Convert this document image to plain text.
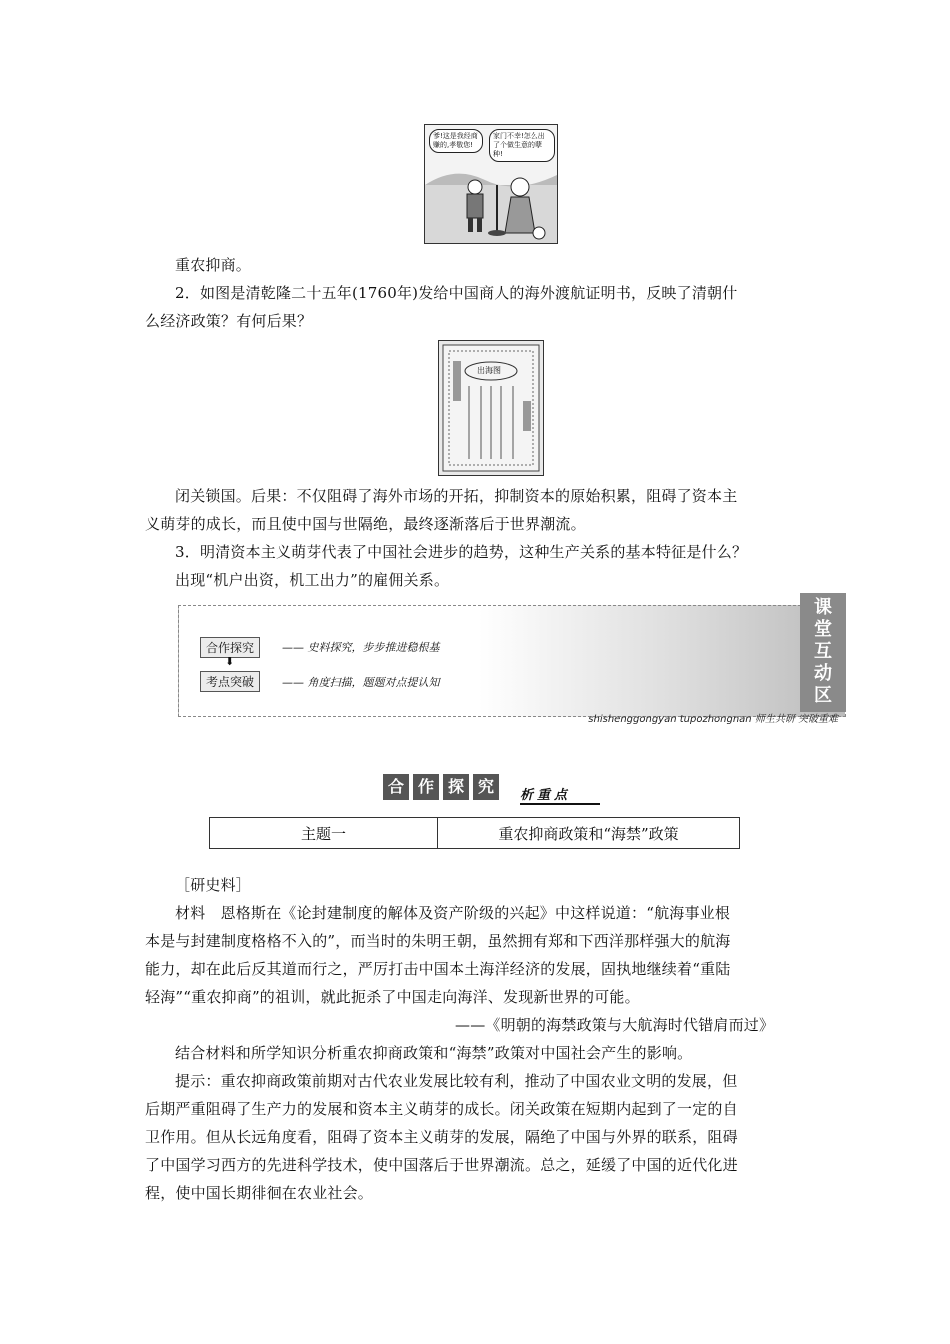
爹!这是我经商赚的,孝敬您!
家门不幸!怎么出了个做生意的孽种!
重农抑商。
2．如图是清乾隆二十五年(1760年)发给中国商人的海外渡航证明书，反映了清朝什
么经济政策？有何后果？
出海图
闭关锁国。后果：不仅阻碍了海外市场的开拓，抑制资本的原始积累，阻碍了资本主
义萌芽的成长，而且使中国与世隔绝，最终逐渐落后于世界潮流。
3．明清资本主义萌芽代表了中国社会进步的趋势，这种生产关系的基本特征是什么？
出现“机户出资，机工出力”的雇佣关系。
合作探究	—— 史料探究，步步推进稳根基
⬇
考点突破	—— 角度扫描，题题对点提认知
课
堂
互
动
区
shishenggongyan tupozhongnan 师生共研 突破重难
合 作 探 究 析重点
主题一	重农抑商政策和“海禁”政策
［研史料］
材料　恩格斯在《论封建制度的解体及资产阶级的兴起》中这样说道：“航海事业根
本是与封建制度格格不入的”，而当时的朱明王朝，虽然拥有郑和下西洋那样强大的航海
能力，却在此后反其道而行之，严厉打击中国本土海洋经济的发展，固执地继续着“重陆
轻海”“重农抑商”的祖训，就此扼杀了中国走向海洋、发现新世界的可能。
——《明朝的海禁政策与大航海时代错肩而过》
结合材料和所学知识分析重农抑商政策和“海禁”政策对中国社会产生的影响。
提示：重农抑商政策前期对古代农业发展比较有利，推动了中国农业文明的发展，但
后期严重阻碍了生产力的发展和资本主义萌芽的成长。闭关政策在短期内起到了一定的自
卫作用。但从长远角度看，阻碍了资本主义萌芽的发展，隔绝了中国与外界的联系，阻碍
了中国学习西方的先进科学技术，使中国落后于世界潮流。总之，延缓了中国的近代化进
程，使中国长期徘徊在农业社会。
